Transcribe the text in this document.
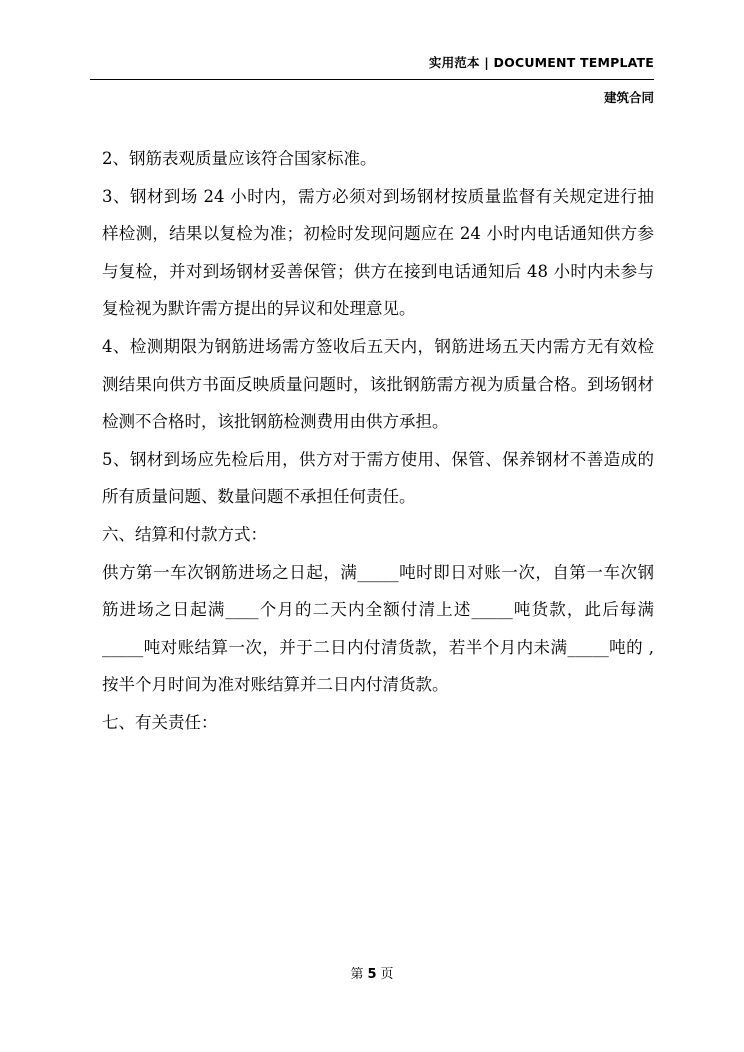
实用范本 | DOCUMENT TEMPLATE
建筑合同

2、钢筋表观质量应该符合国家标准。

3、钢材到场 24 小时内，需方必须对到场钢材按质量监督有关规定进行抽样检测，结果以复检为准；初检时发现问题应在 24 小时内电话通知供方参与复检，并对到场钢材妥善保管；供方在接到电话通知后 48 小时内未参与复检视为默许需方提出的异议和处理意见。

4、检测期限为钢筋进场需方签收后五天内，钢筋进场五天内需方无有效检测结果向供方书面反映质量问题时，该批钢筋需方视为质量合格。到场钢材检测不合格时，该批钢筋检测费用由供方承担。

5、钢材到场应先检后用，供方对于需方使用、保管、保养钢材不善造成的所有质量问题、数量问题不承担任何责任。

六、结算和付款方式：

供方第一车次钢筋进场之日起，满_____吨时即日对账一次，自第一车次钢筋进场之日起满____个月的二天内全额付清上述_____吨货款，此后每满_____吨对账结算一次，并于二日内付清货款，若半个月内未满_____吨的 ,按半个月时间为准对账结算并二日内付清货款。

七、有关责任：

第 5 页
